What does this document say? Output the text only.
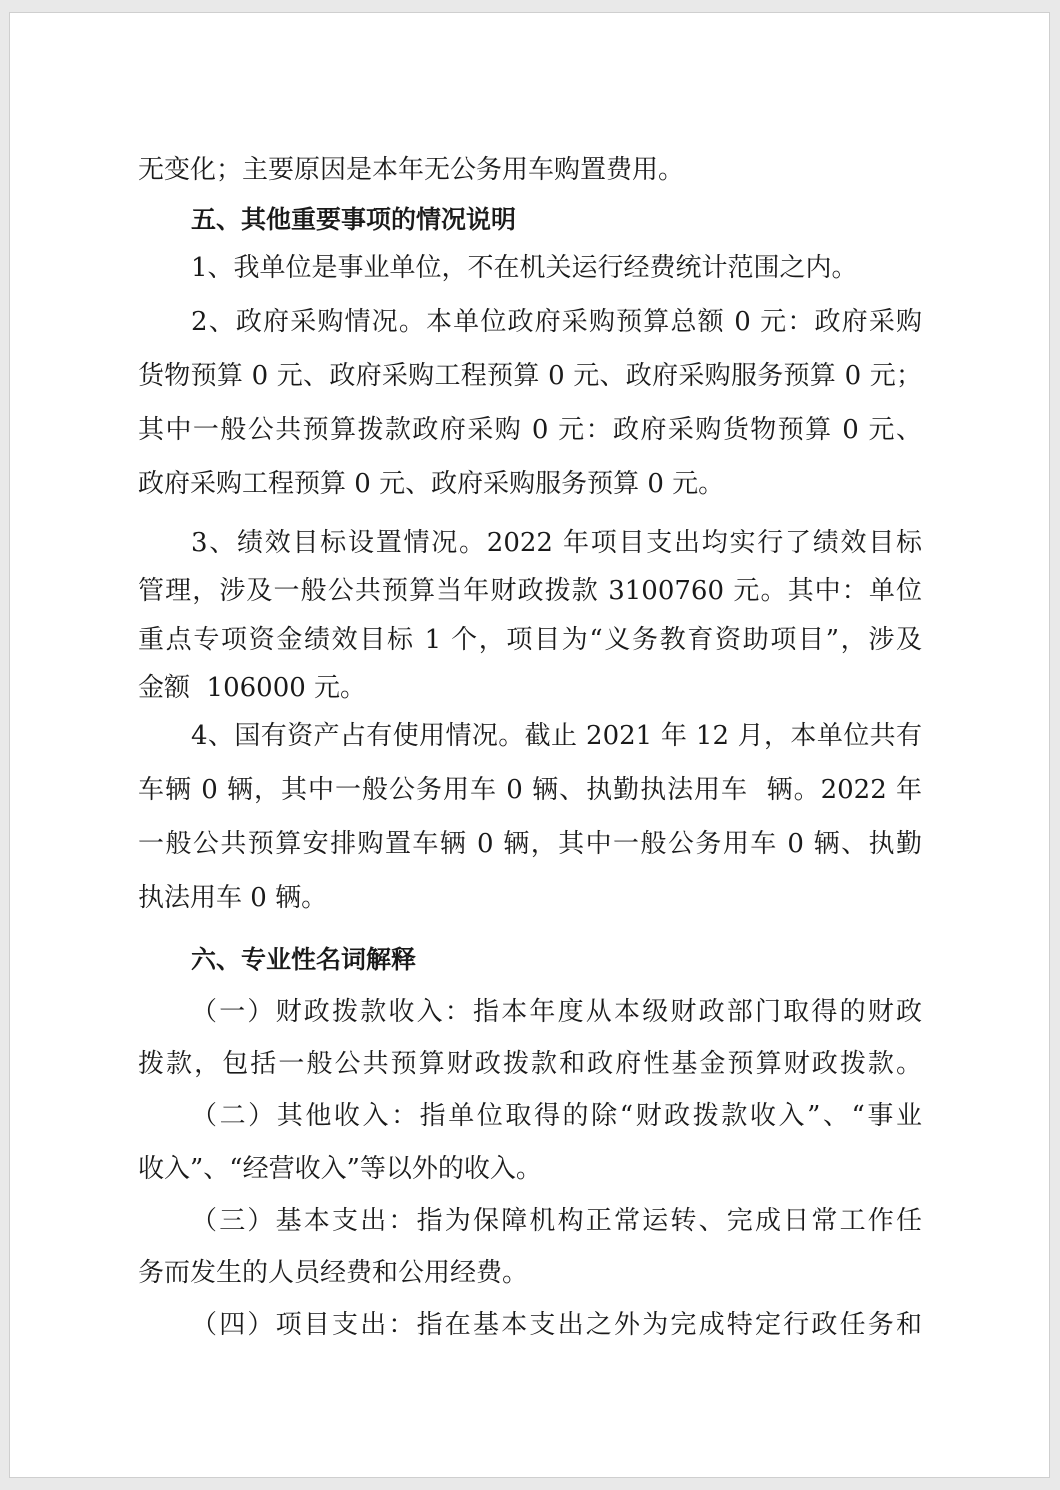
无变化；主要原因是本年无公务用车购置费用。
五、其他重要事项的情况说明
1、我单位是事业单位，不在机关运行经费统计范围之内。
2、政府采购情况。本单位政府采购预算总额 0 元：政府采购
货物预算 0 元、政府采购工程预算 0 元、政府采购服务预算 0 元；
其中一般公共预算拨款政府采购 0 元：政府采购货物预算 0 元、
政府采购工程预算 0 元、政府采购服务预算 0 元。
3、绩效目标设置情况。2022 年项目支出均实行了绩效目标
管理，涉及一般公共预算当年财政拨款 3100760 元。其中：单位
重点专项资金绩效目标 1 个，项目为“义务教育资助项目”，涉及
金额  106000 元。
4、国有资产占有使用情况。截止 2021 年 12 月，本单位共有
车辆 0 辆，其中一般公务用车 0 辆、执勤执法用车  辆。2022 年
一般公共预算安排购置车辆 0 辆，其中一般公务用车 0 辆、执勤
执法用车 0 辆。
六、专业性名词解释
（一）财政拨款收入：指本年度从本级财政部门取得的财政
拨款，包括一般公共预算财政拨款和政府性基金预算财政拨款。
（二）其他收入：指单位取得的除“财政拨款收入”、“事业
收入”、“经营收入”等以外的收入。
（三）基本支出：指为保障机构正常运转、完成日常工作任
务而发生的人员经费和公用经费。
（四）项目支出：指在基本支出之外为完成特定行政任务和
